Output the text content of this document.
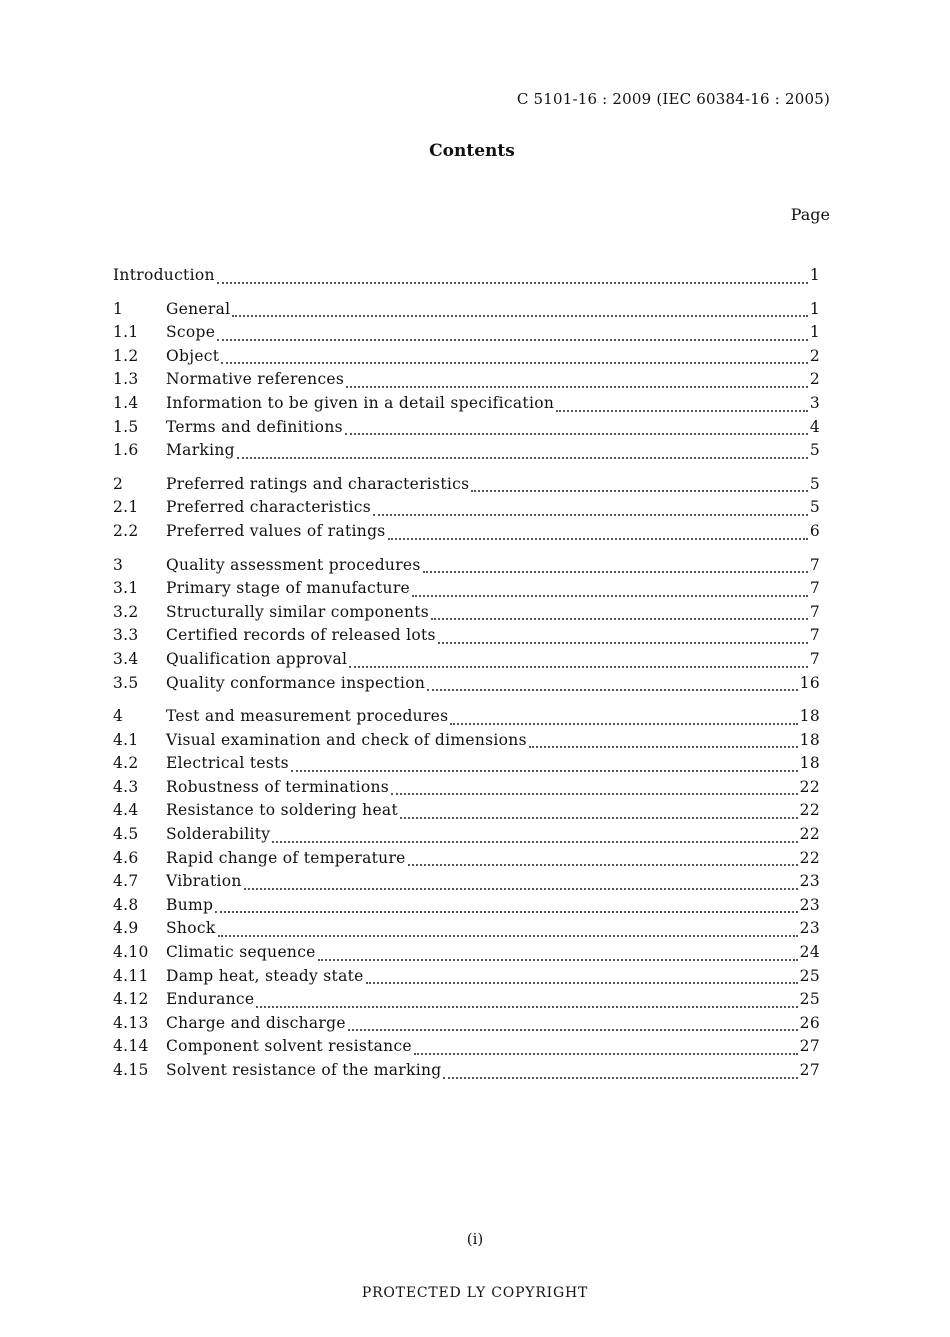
C 5101-16 : 2009 (IEC 60384-16 : 2005)
Contents
Page
Introduction	1
1	General	1
1.1	Scope	1
1.2	Object	2
1.3	Normative references	2
1.4	Information to be given in a detail specification	3
1.5	Terms and definitions	4
1.6	Marking	5
2	Preferred ratings and characteristics	5
2.1	Preferred characteristics	5
2.2	Preferred values of ratings	6
3	Quality assessment procedures	7
3.1	Primary stage of manufacture	7
3.2	Structurally similar components	7
3.3	Certified records of released lots	7
3.4	Qualification approval	7
3.5	Quality conformance inspection	16
4	Test and measurement procedures	18
4.1	Visual examination and check of dimensions	18
4.2	Electrical tests	18
4.3	Robustness of terminations	22
4.4	Resistance to soldering heat	22
4.5	Solderability	22
4.6	Rapid change of temperature	22
4.7	Vibration	23
4.8	Bump	23
4.9	Shock	23
4.10	Climatic sequence	24
4.11	Damp heat, steady state	25
4.12	Endurance	25
4.13	Charge and discharge	26
4.14	Component solvent resistance	27
4.15	Solvent resistance of the marking	27
(i)
PROTECTED LY COPYRIGHT
